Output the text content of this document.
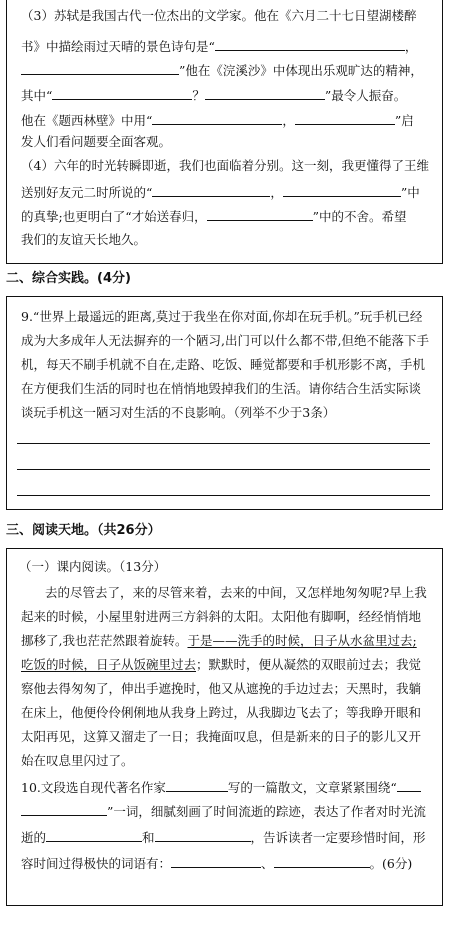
（3）苏轼是我国古代一位杰出的文学家。他在《六月二十七日望湖楼醉
书》中描绘雨过天晴的景色诗句是“	，
”他在《浣溪沙》中体现出乐观旷达的精神，
其中“	？	”最令人振奋。
他在《题西林壁》中用“	，	”启
发人们看问题要全面客观。
（4）六年的时光转瞬即逝，我们也面临着分别。这一刻，我更懂得了王维
送别好友元二时所说的“	，	”中
的真挚;也更明白了“才始送春归，	”中的不舍。希望
我们的友谊天长地久。
二、综合实践。(4分)
9.“世界上最遥远的距离,莫过于我坐在你对面,你却在玩手机。”玩手机已经
成为大多成年人无法摒弃的一个陋习,出门可以什么都不带,但绝不能落下手
机，每天不刷手机就不自在,走路、吃饭、睡觉都要和手机形影不离，手机
在方便我们生活的同时也在悄悄地毁掉我们的生活。请你结合生活实际谈
谈玩手机这一陋习对生活的不良影响。（列举不少于3条）
三、阅读天地。（共26分）
（一）课内阅读。（13分）
去的尽管去了，来的尽管来着，去来的中间，又怎样地匆匆呢?早上我
起来的时候，小屋里射进两三方斜斜的太阳。太阳他有脚啊，经经悄悄地
挪移了,我也茫茫然跟着旋转。于是——洗手的时候，日子从水盆里过去;
吃饭的时候，日子从饭碗里过去；默默时，便从凝然的双眼前过去；我觉
察他去得匆匆了，伸出手遮挽时，他又从遮挽的手边过去；天黑时，我躺
在床上，他便伶伶俐俐地从我身上跨过，从我脚边飞去了；等我睁开眼和
太阳再见，这算又溜走了一日；我掩面叹息，但是新来的日子的影儿又开
始在叹息里闪过了。
10.文段选自现代著名作家	写的一篇散文，文章紧紧围绕“
”一词，细腻刻画了时间流逝的踪迹，表达了作者对时光流
逝的	和	，告诉读者一定要珍惜时间，形
容时间过得极快的词语有：	、	。(6分)
